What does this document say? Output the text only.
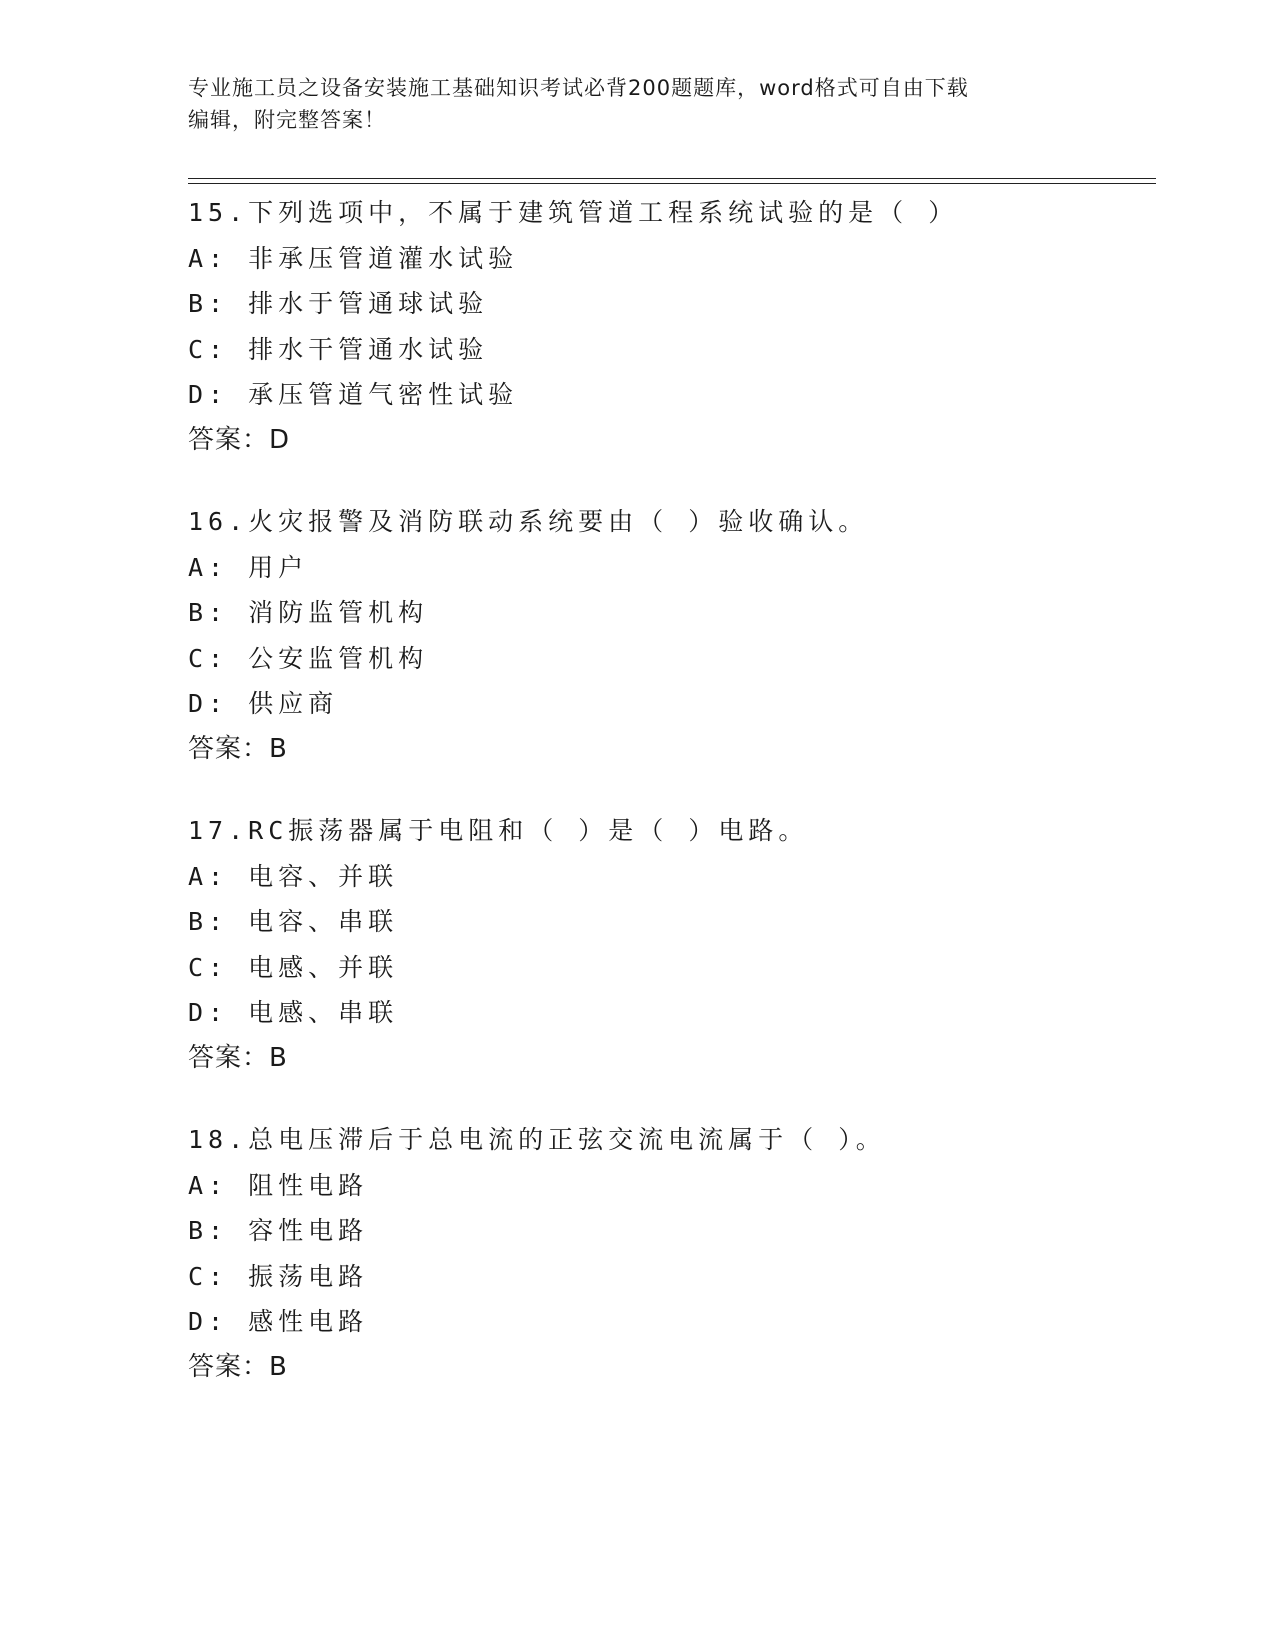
专业施工员之设备安装施工基础知识考试必背200题题库，word格式可自由下载
编辑，附完整答案！
15.下列选项中，不属于建筑管道工程系统试验的是（ ）
A: 非承压管道灌水试验
B: 排水于管通球试验
C: 排水干管通水试验
D: 承压管道气密性试验
答案：D
16.火灾报警及消防联动系统要由（ ）验收确认。
A: 用户
B: 消防监管机构
C: 公安监管机构
D: 供应商
答案：B
17.RC振荡器属于电阻和（ ）是（ ）电路。
A: 电容、并联
B: 电容、串联
C: 电感、并联
D: 电感、串联
答案：B
18.总电压滞后于总电流的正弦交流电流属于（ ）。
A: 阻性电路
B: 容性电路
C: 振荡电路
D: 感性电路
答案：B
